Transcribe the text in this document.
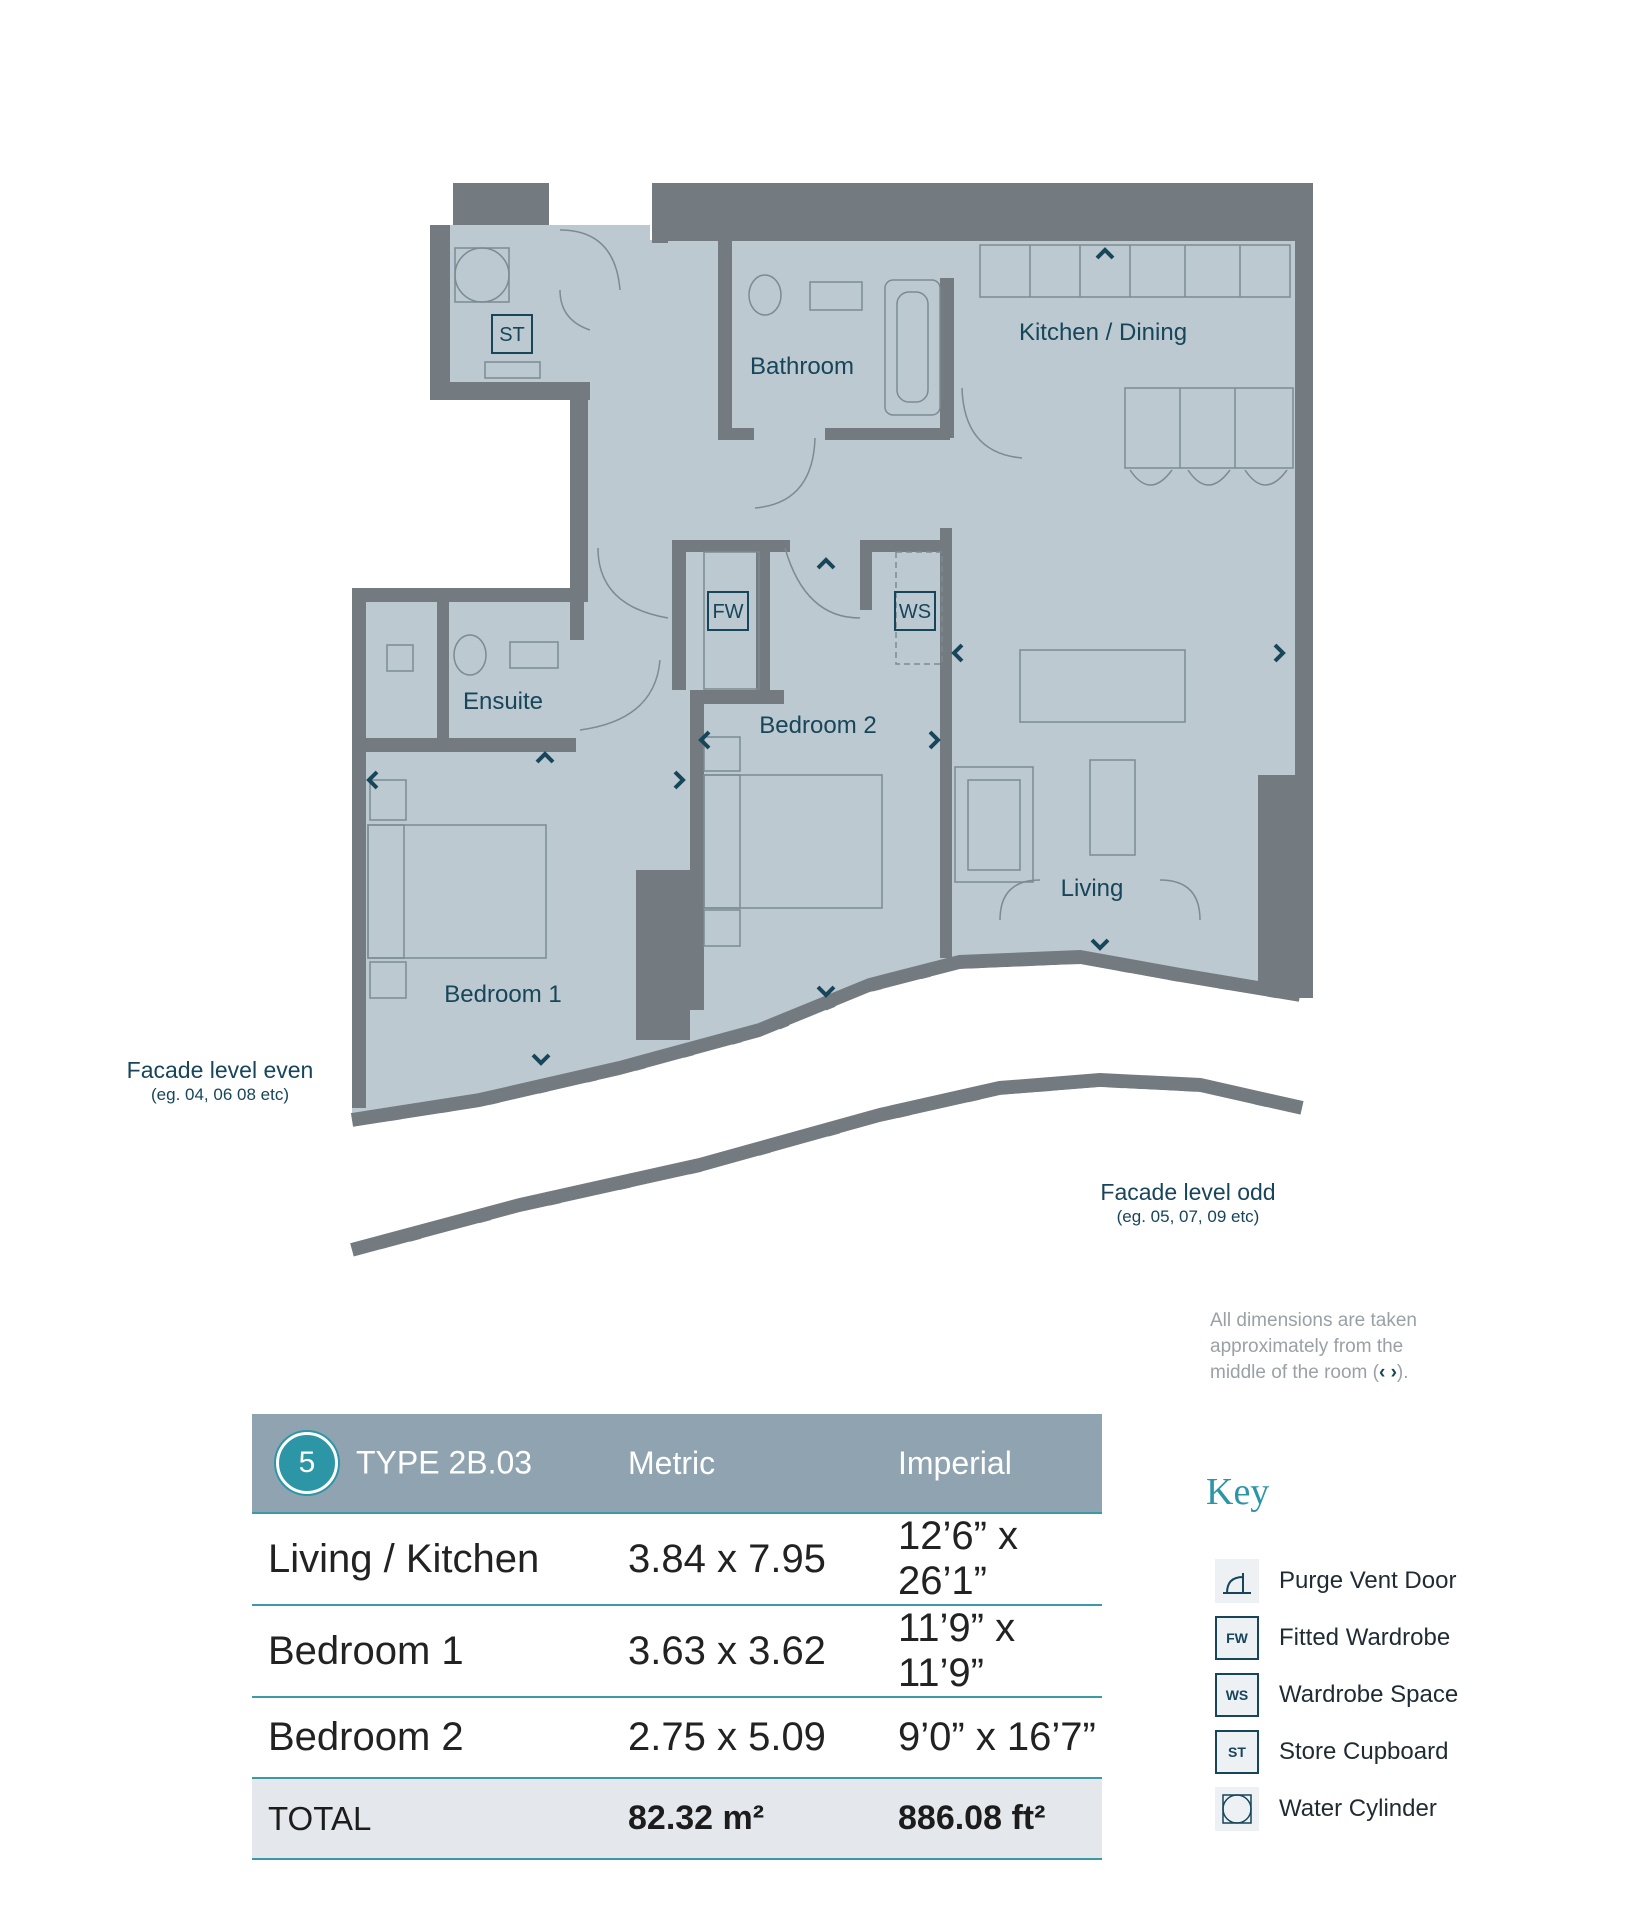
ST
FW	WS
Kitchen / Dining
Bathroom
Ensuite
Bedroom 2
Living
Bedroom 1
Facade level even
(eg. 04, 06 08 etc)
Facade level odd
(eg. 05, 07, 09 etc)
All dimensions are taken
approximately from the
middle of the room (‹ ›).
5 TYPE 2B.03	Metric	Imperial
Living / Kitchen	3.84 x 7.95	12’6” x 26’1”
Bedroom 1	3.63 x 3.62	11’9” x 11’9”
Bedroom 2	2.75 x 5.09	9’0” x 16’7”
TOTAL	82.32 m²	886.08 ft²
Key
Purge Vent Door
FW	Fitted Wardrobe
WS	Wardrobe Space
ST	Store Cupboard
Water Cylinder
